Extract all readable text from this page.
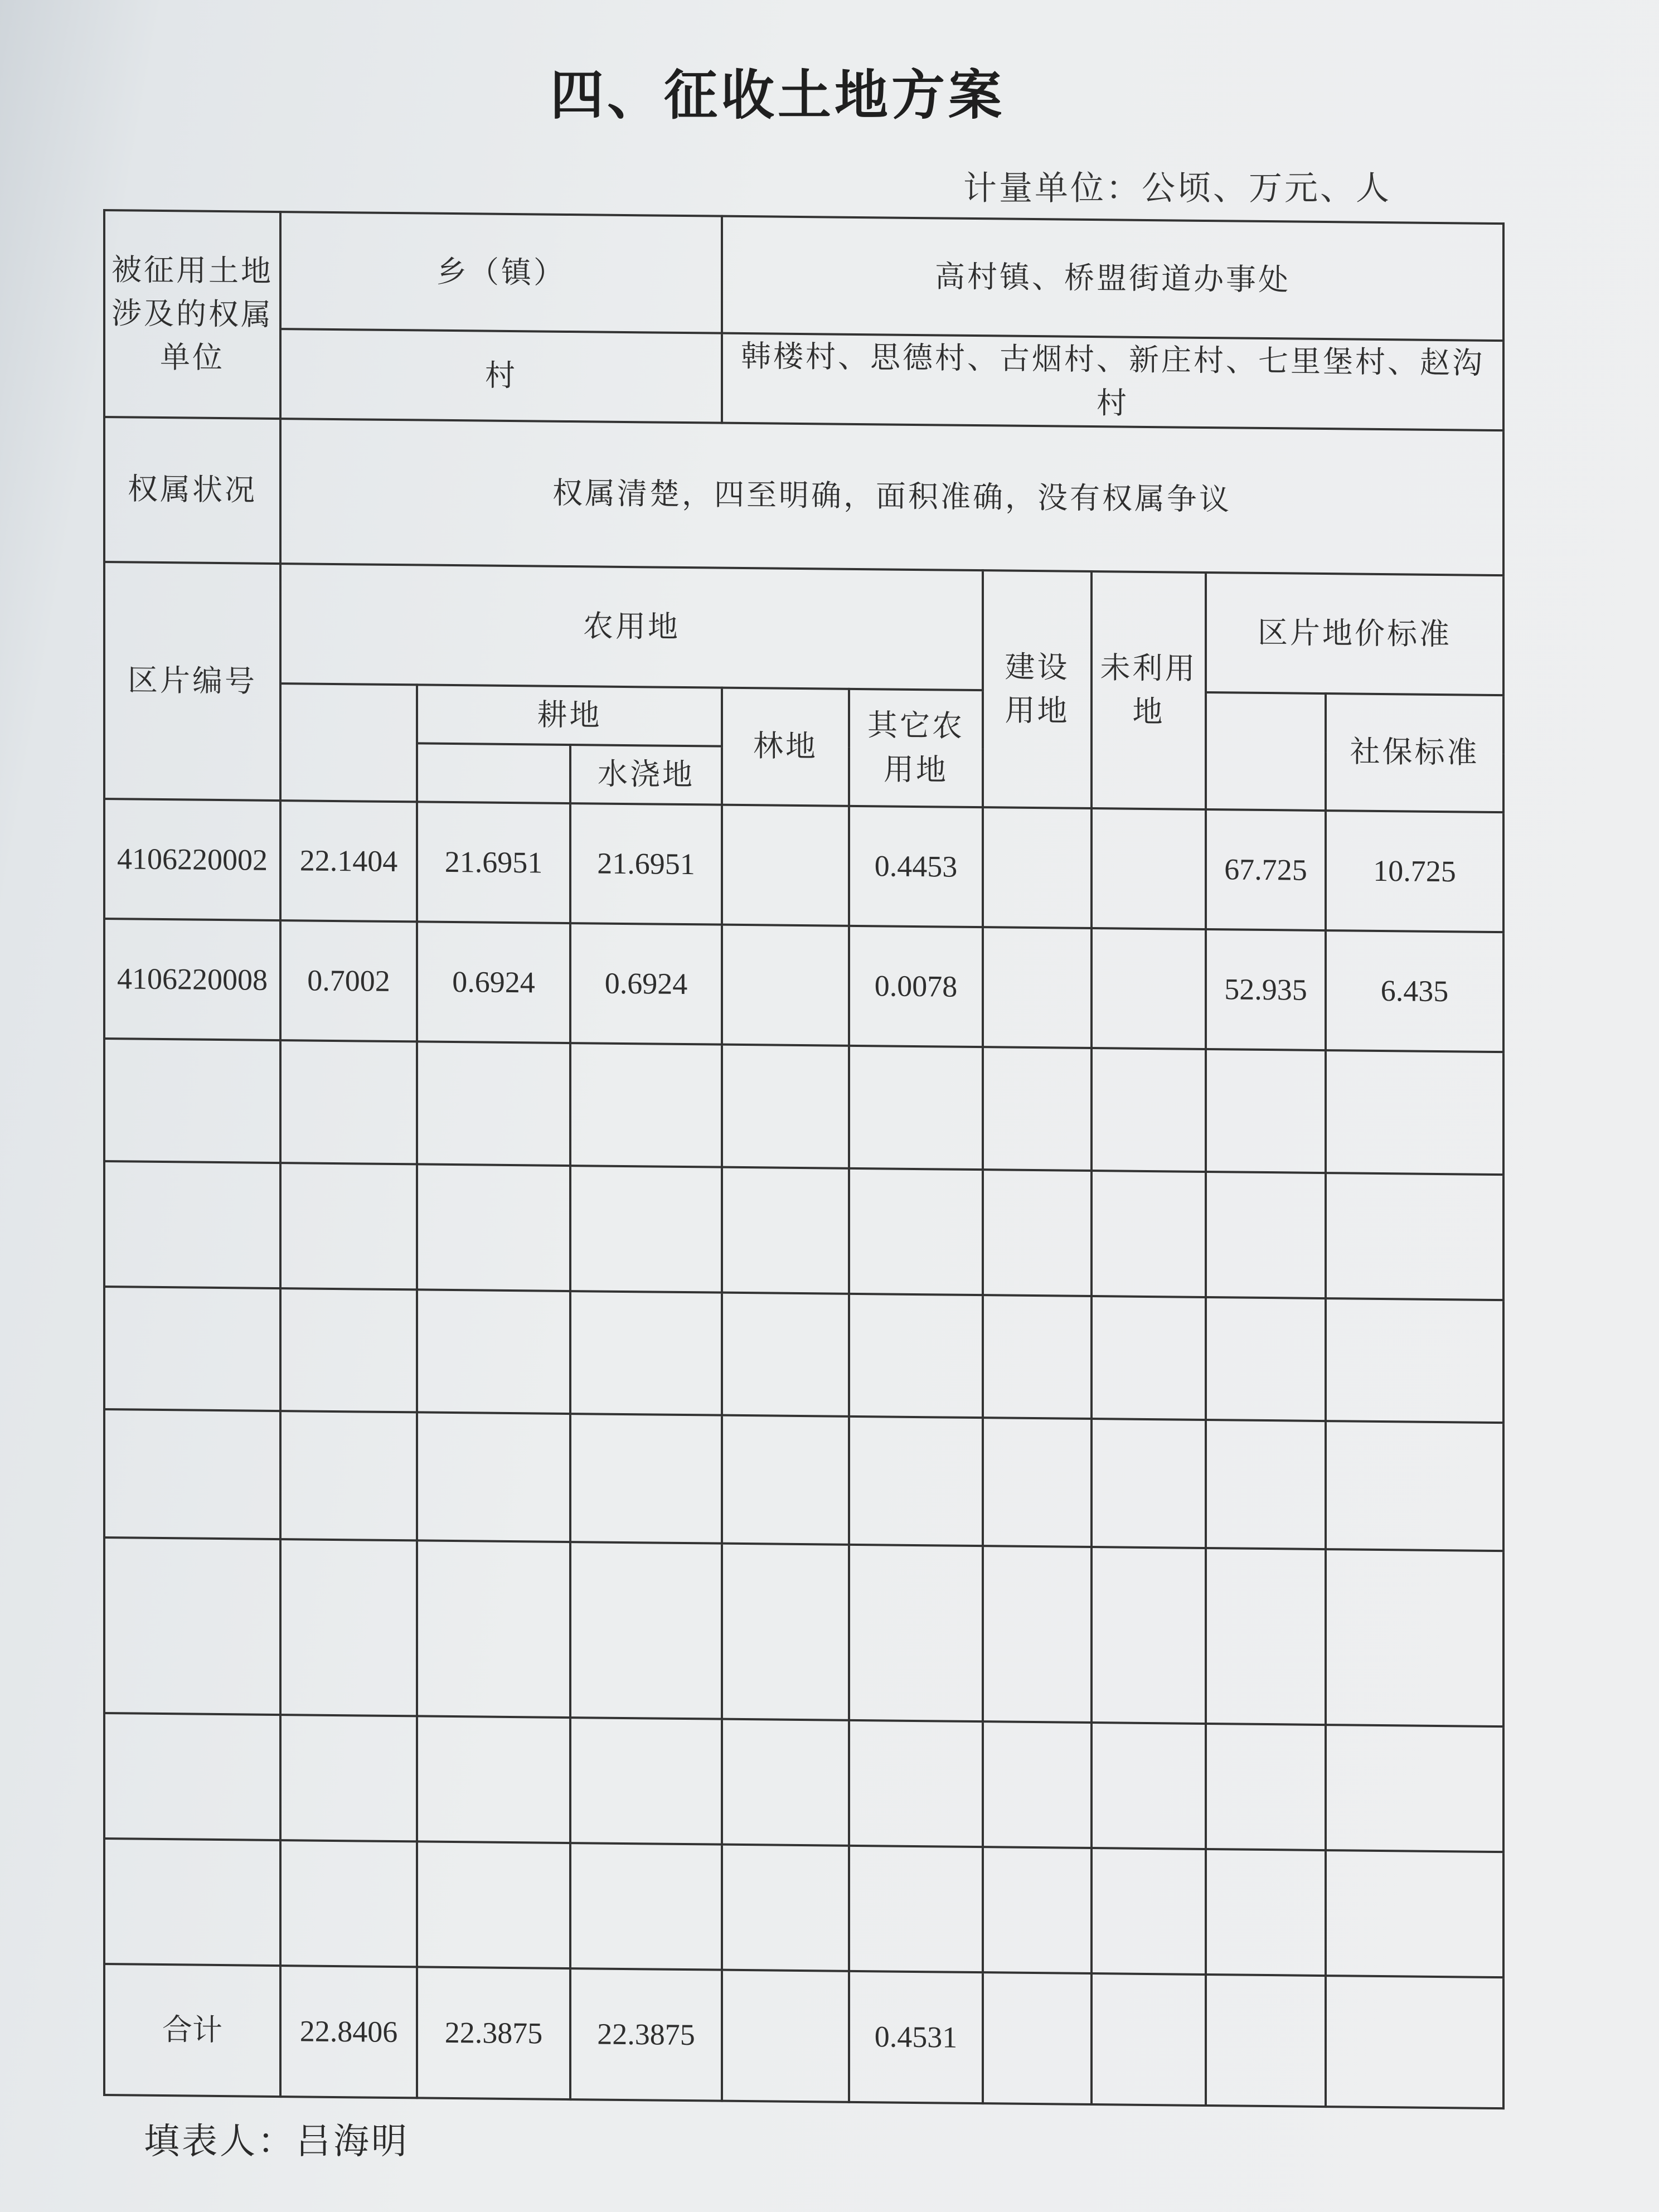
四、征收土地方案
计量单位：公顷、万元、人
被征用土地涉及的权属单位	乡（镇）			高村镇、桥盟街道办事处					
	村			韩楼村、思德村、古烟村、新庄村、七里堡村、赵沟村					
权属状况	权属清楚，四至明确，面积准确，没有权属争议								
区片编号	农用地					建设用地	未利用地	区片地价标准	
		耕地		林地	其它农用地				社保标准
			水浇地						
4106220002	22.1404	21.6951	21.6951		0.4453			67.725	10.725
4106220008	0.7002	0.6924	0.6924		0.0078			52.935	6.435

合计	22.8406	22.3875	22.3875		0.4531				
填表人：吕海明
